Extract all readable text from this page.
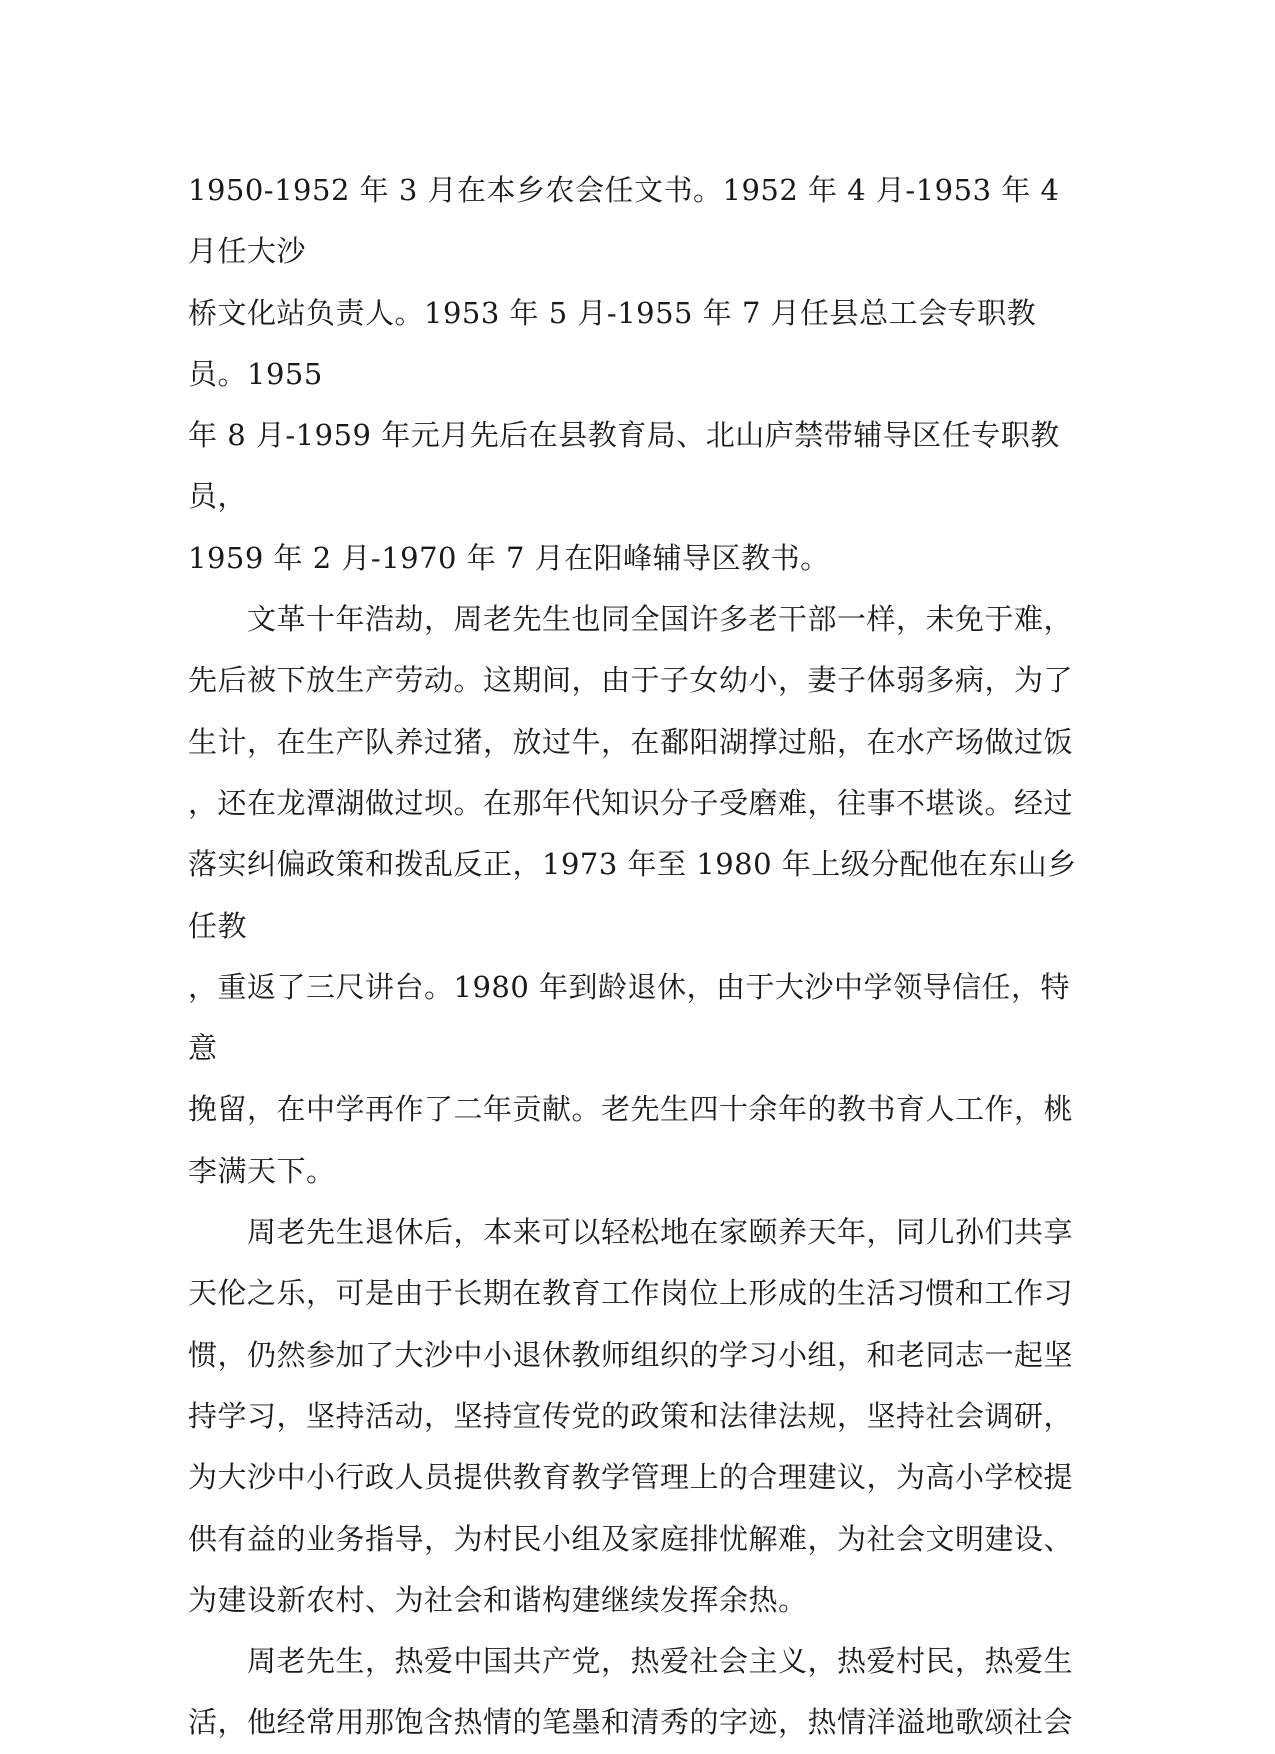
1950-1952 年 3 月在本乡农会任文书。1952 年 4 月-1953 年 4 月任大沙
桥文化站负责人。1953 年 5 月-1955 年 7 月任县总工会专职教员。1955
年 8 月-1959 年元月先后在县教育局、北山庐禁带辅导区任专职教员，
1959 年 2 月-1970 年 7 月在阳峰辅导区教书。

　　文革十年浩劫，周老先生也同全国许多老干部一样，未免于难，
先后被下放生产劳动。这期间，由于子女幼小，妻子体弱多病，为了
生计，在生产队养过猪，放过牛，在鄱阳湖撑过船，在水产场做过饭
，还在龙潭湖做过坝。在那年代知识分子受磨难，往事不堪谈。经过
落实纠偏政策和拨乱反正，1973 年至 1980 年上级分配他在东山乡任教
，重返了三尺讲台。1980 年到龄退休，由于大沙中学领导信任，特意
挽留，在中学再作了二年贡献。老先生四十余年的教书育人工作，桃
李满天下。

　　周老先生退休后，本来可以轻松地在家颐养天年，同儿孙们共享
天伦之乐，可是由于长期在教育工作岗位上形成的生活习惯和工作习
惯，仍然参加了大沙中小退休教师组织的学习小组，和老同志一起坚
持学习，坚持活动，坚持宣传党的政策和法律法规，坚持社会调研，
为大沙中小行政人员提供教育教学管理上的合理建议，为高小学校提
供有益的业务指导，为村民小组及家庭排忧解难，为社会文明建设、
为建设新农村、为社会和谐构建继续发挥余热。

　　周老先生，热爱中国共产党，热爱社会主义，热爱村民，热爱生
活，他经常用那饱含热情的笔墨和清秀的字迹，热情洋溢地歌颂社会
